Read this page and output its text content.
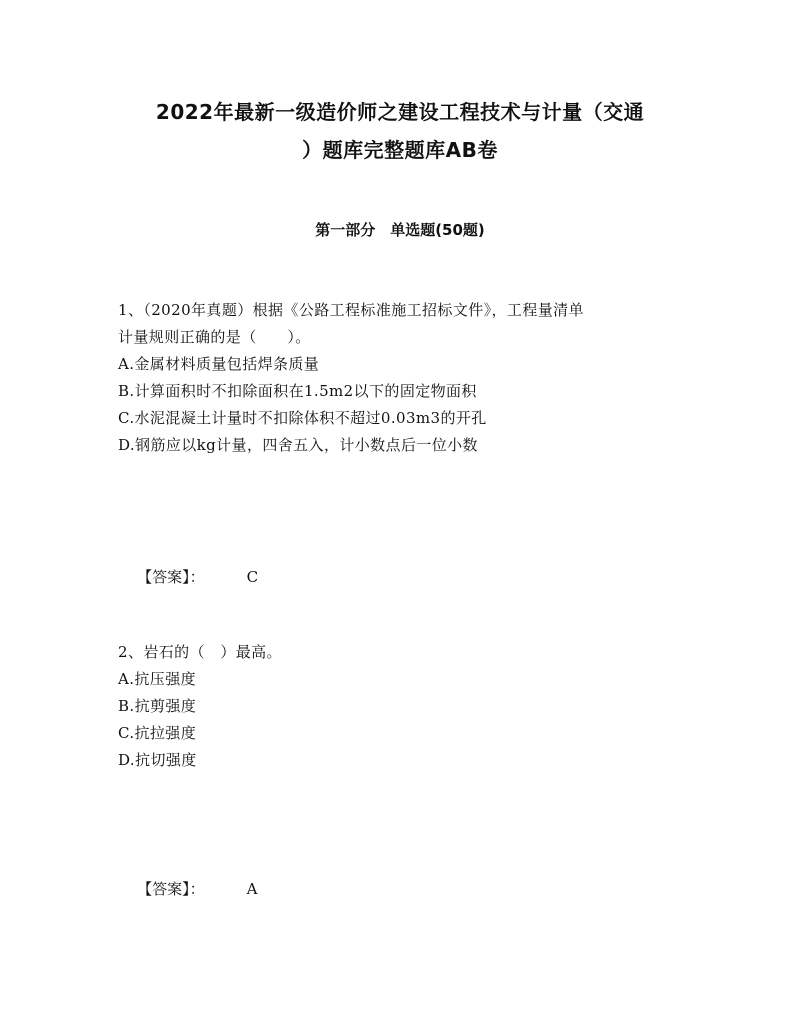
2022年最新一级造价师之建设工程技术与计量（交通
）题库完整题库AB卷
第一部分　单选题(50题)
1、（2020年真题）根据《公路工程标准施工招标文件》，工程量清单
计量规则正确的是（　　）。
A.金属材料质量包括焊条质量
B.计算面积时不扣除面积在1.5m2以下的固定物面积
C.水泥混凝土计量时不扣除体积不超过0.03m3的开孔
D.钢筋应以kg计量，四舍五入，计小数点后一位小数

【答案】：	C

2、岩石的（　）最高。
A.抗压强度
B.抗剪强度
C.抗拉强度
D.抗切强度

【答案】：	A
